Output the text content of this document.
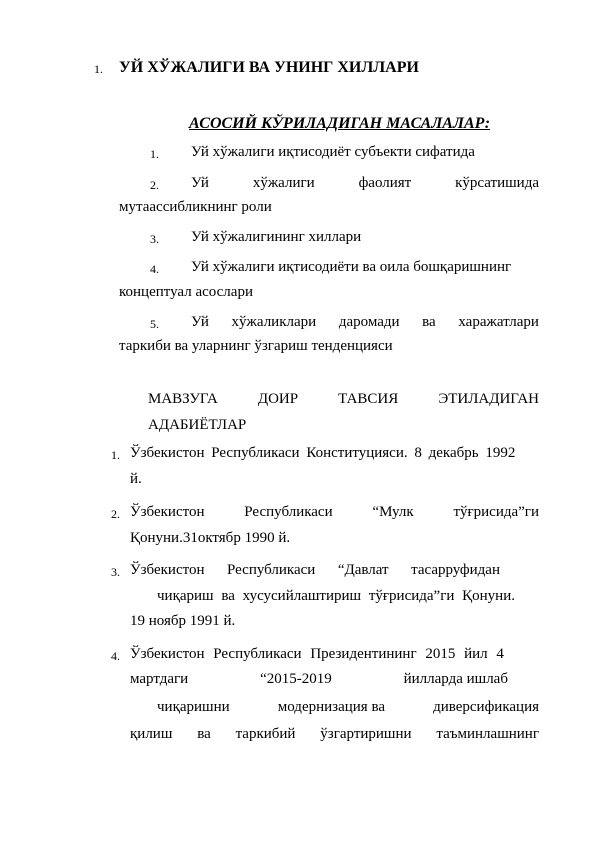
1. УЙ ХЎЖАЛИГИ ВА УНИНГ ХИЛЛАРИ
АСОСИЙ КЎРИЛАДИГАН МАСАЛАЛАР:
1. Уй хўжалиги иқтисодиёт субъекти сифатида
2. Уй	хўжалиги	фаолият	кўрсатишида
мутаассибликнинг роли
3. Уй хўжалигининг хиллари
4. Уй хўжалиги иқтисодиёти ва оила бошқаришнинг
концептуал асослари
5. Уй хўжаликлари даромади ва харажатлари
таркиби ва уларнинг ўзгариш тенденцияси
МАВЗУГА	ДОИР	ТАВСИЯ	ЭТИЛАДИГАН
АДАБИЁТЛАР
1. Ўзбекистон Республикаси Конституцияси. 8 декабрь 1992
й.
2. Ўзбекистон	Республикаси	“Мулк	тўғрисида”ги
Қонуни.31октябр 1990 й.
3. Ўзбекистон Республикаси “Давлат тасарруфидан
чиқариш ва хусусийлаштириш тўғрисида”ги Қонуни.
19 ноябр 1991 й.
4. Ўзбекистон Республикаси Президентининг 2015 йил 4
мартдаги	“2015-2019	йилларда ишлаб
чиқаришни	модернизация ва	диверсификация
қилиш ва таркибий ўзгартиришни таъминлашнинг
